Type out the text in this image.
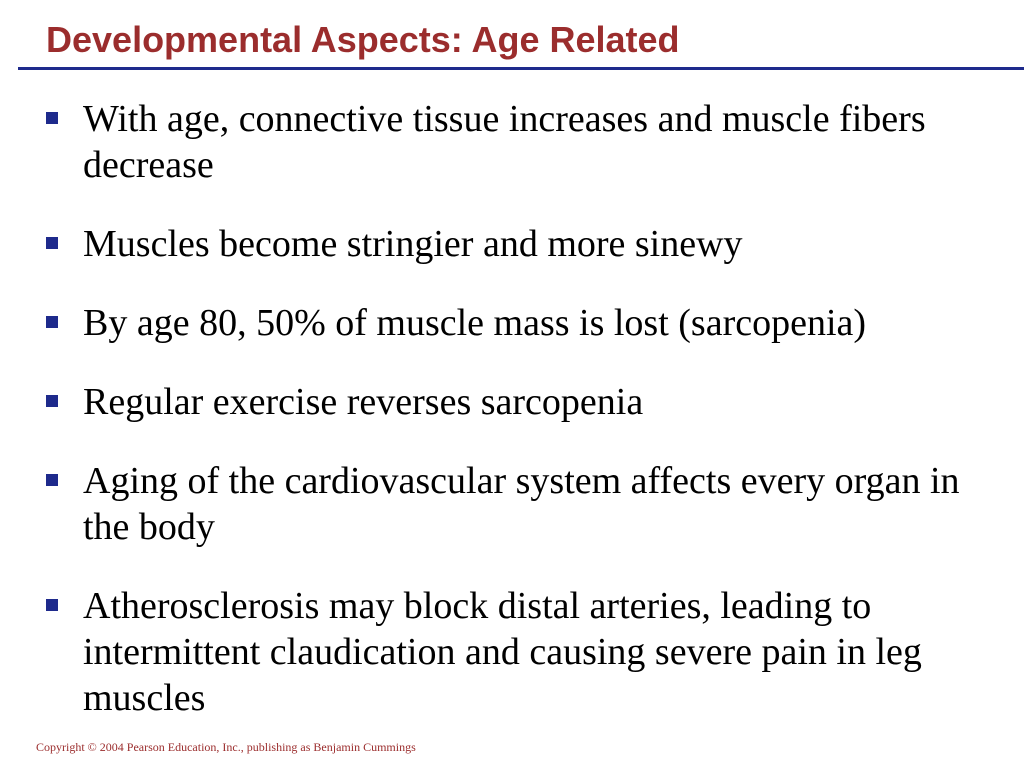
Developmental Aspects: Age Related
With age, connective tissue increases and muscle fibers decrease
Muscles become stringier and more sinewy
By age 80, 50% of muscle mass is lost (sarcopenia)
Regular exercise reverses sarcopenia
Aging of the cardiovascular system affects every organ in the body
Atherosclerosis may block distal arteries, leading to intermittent claudication and causing severe pain in leg muscles
Copyright © 2004 Pearson Education, Inc., publishing as Benjamin Cummings
